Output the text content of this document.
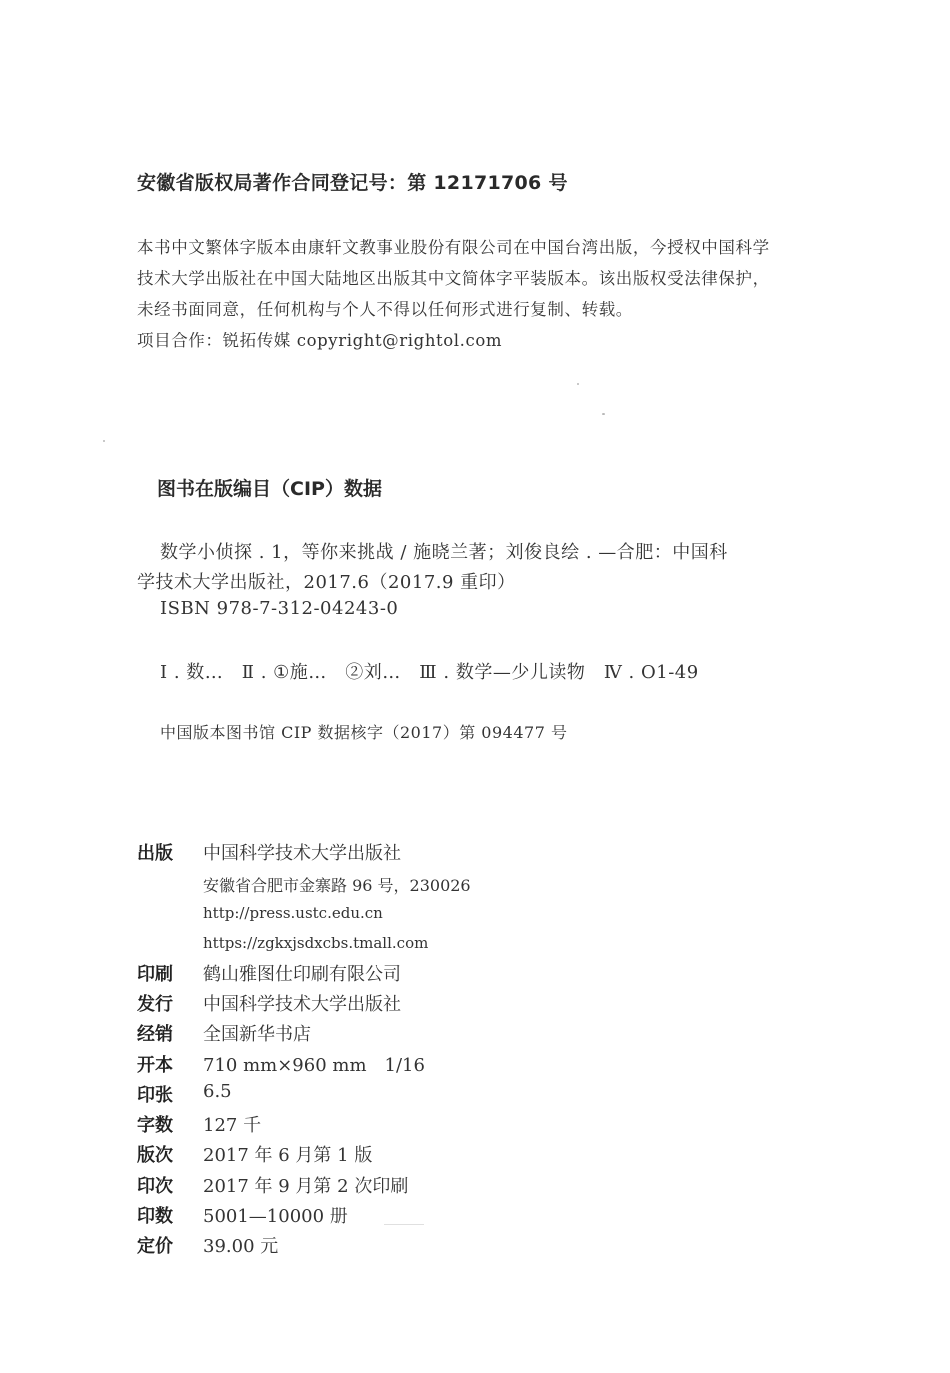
安徽省版权局著作合同登记号：第 12171706 号
本书中文繁体字版本由康轩文教事业股份有限公司在中国台湾出版，今授权中国科学
技术大学出版社在中国大陆地区出版其中文简体字平装版本。该出版权受法律保护，
未经书面同意，任何机构与个人不得以任何形式进行复制、转载。
项目合作：锐拓传媒 copyright@rightol.com
图书在版编目（CIP）数据
数学小侦探 . 1，等你来挑战 / 施晓兰著；刘俊良绘 . —合肥：中国科
学技术大学出版社，2017.6（2017.9 重印）
ISBN 978-7-312-04243-0
Ⅰ . 数…　Ⅱ . ①施…　②刘…　Ⅲ . 数学—少儿读物　Ⅳ . O1-49
中国版本图书馆 CIP 数据核字（2017）第 094477 号
出版	中国科学技术大学出版社
安徽省合肥市金寨路 96 号，230026
http://press.ustc.edu.cn
https://zgkxjsdxcbs.tmall.com
印刷	鹤山雅图仕印刷有限公司
发行	中国科学技术大学出版社
经销	全国新华书店
开本	710 mm×960 mm　1/16
印张	6.5
字数	127 千
版次	2017 年 6 月第 1 版
印次	2017 年 9 月第 2 次印刷
印数	5001—10000 册
定价	39.00 元
